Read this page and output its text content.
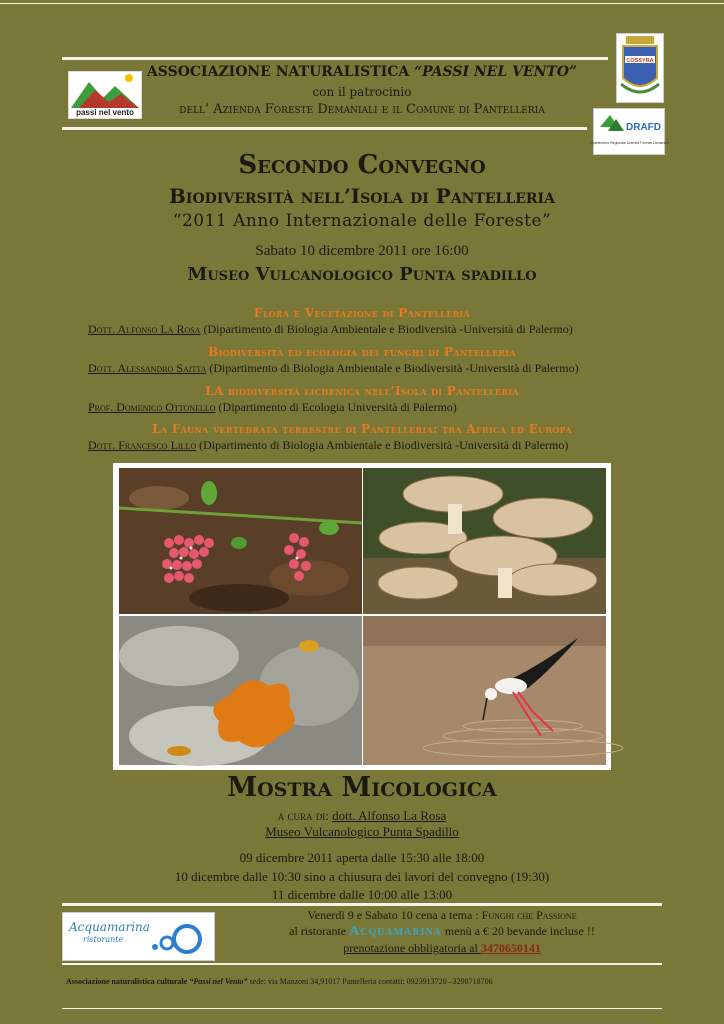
passi nel vento
COSSYRA
DRAFD
Dipartimento Regionale Azienda Foreste Demaniali
ASSOCIAZIONE NATURALISTICA “PASSI NEL VENTO”
con il patrocinio
dell’ Azienda Foreste Demaniali e il Comune di Pantelleria
Secondo Convegno
Biodiversità nell’Isola di Pantelleria
“2011 Anno Internazionale delle Foreste”
Sabato 10 dicembre 2011 ore 16:00
Museo Vulcanologico Punta spadillo
Flora e Vegetazione di Pantelleria
Dott. Alfonso La Rosa (Dipartimento di Biologia Ambientale e Biodiversità -Università di Palermo)
Biodiversità ed ecologia dei funghi di Pantelleria
Dott. Alessandro Saitta (Dipartimento di Biologia Ambientale e Biodiversità -Università di Palermo)
LA biodiversità lichenica nell’Isola di Pantelleria
Prof. Domenico Ottonello (Dipartimento di Ecologia Università di Palermo)
La Fauna vertebrata terrestre di Pantelleria: tra Africa ed Europa
Dott. Francesco Lillo (Dipartimento di Biologia Ambientale e Biodiversità -Università di Palermo)
Mostra Micologica
a cura di: dott. Alfonso La Rosa
Museo Vulcanologico Punta Spadillo
09 dicembre 2011 aperta dalle 15:30 alle 18:00
10 dicembre dalle 10:30 sino a chiusura dei lavori del convegno (19:30)
11 dicembre dalle 10:00 alle 13:00
Acquamarina
ristorante
Venerdì 9 e Sabato 10 cena a tema : Funghi che Passione
al ristorante Acquamarina menù a € 20 bevande incluse !!
prenotazione obbligatoria al 3470650141
Associazione naturalistica culturale “Passi nel Vento” sede: via Manzoni 34,91017 Pantelleria contatti: 0923913720 –3298718706
